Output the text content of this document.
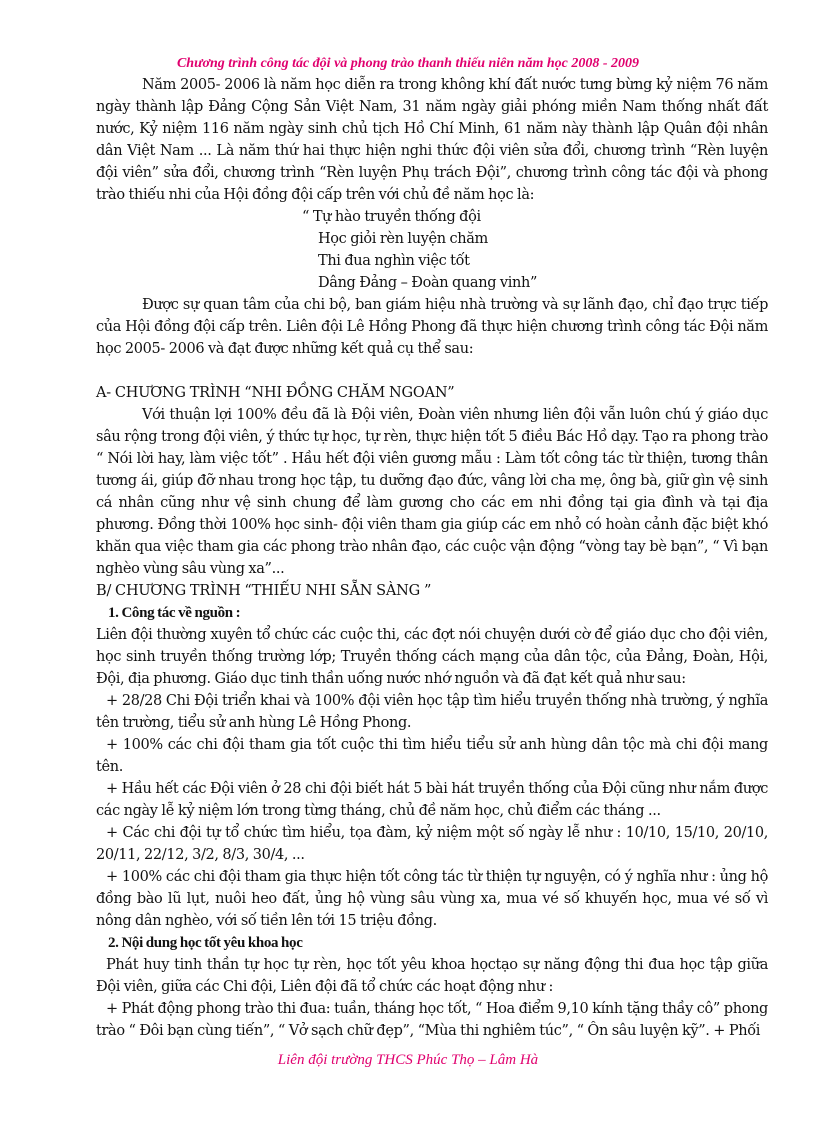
Chương trình công tác đội và phong trào thanh thiếu niên năm học 2008 - 2009

Năm 2005- 2006 là năm học diễn ra trong không khí đất nước tưng bừng kỷ niệm 76 năm ngày thành lập Đảng Cộng Sản Việt Nam, 31 năm ngày giải phóng miền Nam thống nhất đất nước, Kỷ niệm 116 năm ngày sinh chủ tịch Hồ Chí Minh, 61 năm này thành lập Quân đội nhân dân Việt Nam ... Là năm thứ hai thực hiện nghi thức đội viên sửa đổi, chương trình “Rèn luyện đội viên” sửa đổi, chương trình “Rèn luyện Phụ trách Đội”, chương trình công tác đội và phong trào thiếu nhi của Hội đồng đội cấp trên với chủ đề năm học là:

“ Tự hào truyền thống đội
Học giỏi rèn luyện chăm
Thi đua nghìn việc tốt
Dâng Đảng – Đoàn quang vinh”

Được sự quan tâm của chi bộ, ban giám hiệu nhà trường và sự lãnh đạo, chỉ đạo trực tiếp của Hội đồng đội cấp trên. Liên đội Lê Hồng Phong đã thực hiện chương trình công tác Đội năm học 2005- 2006 và đạt được những kết quả cụ thể sau:

A- CHƯƠNG TRÌNH “NHI ĐỒNG CHĂM NGOAN”

Với thuận lợi 100% đều đã là Đội viên, Đoàn viên nhưng liên đội vẫn luôn chú ý giáo dục sâu rộng trong đội viên, ý thức tự học, tự rèn, thực hiện tốt 5 điều Bác Hồ dạy. Tạo ra phong trào “ Nói lời hay, làm việc tốt” . Hầu hết đội viên gương mẫu : Làm tốt công tác từ thiện, tương thân tương ái, giúp đỡ nhau trong học tập, tu dưỡng đạo đức, vâng lời cha mẹ, ông bà, giữ gìn vệ sinh cá nhân cũng như vệ sinh chung để làm gương cho các em nhi đồng tại gia đình và tại địa phương. Đồng thời 100% học sinh- đội viên tham gia giúp các em nhỏ có hoàn cảnh đặc biệt khó khăn qua việc tham gia các phong trào nhân đạo, các cuộc vận động “vòng tay bè bạn”, “ Vì bạn nghèo vùng sâu vùng xa”...

B/ CHƯƠNG TRÌNH “THIẾU NHI SẴN SÀNG ”
1. Công tác về nguồn :

Liên đội thường xuyên tổ chức các cuộc thi, các đợt nói chuyện dưới cờ để giáo dục cho đội viên, học sinh truyền thống trường lớp; Truyền thống cách mạng của dân tộc, của Đảng, Đoàn, Hội, Đội, địa phương. Giáo dục tinh thần uống nước nhớ nguồn và đã đạt kết quả như sau:

+ 28/28 Chi Đội triển khai và 100% đội viên học tập tìm hiểu truyền thống nhà trường, ý nghĩa tên trường, tiểu sử anh hùng Lê Hồng Phong.

+ 100% các chi đội tham gia tốt cuộc thi tìm hiểu tiểu sử anh hùng dân tộc mà chi đội mang tên.

+ Hầu hết các Đội viên ở 28 chi đội biết hát 5 bài hát truyền thống của Đội cũng như nắm được các ngày lễ kỷ niệm lớn trong từng tháng, chủ đề năm học, chủ điểm các tháng ...

+ Các chi đội tự tổ chức tìm hiểu, tọa đàm, kỷ niệm một số ngày lễ như : 10/10, 15/10, 20/10, 20/11, 22/12, 3/2, 8/3, 30/4, ...

+ 100% các chi đội tham gia thực hiện tốt công tác từ thiện tự nguyện, có ý nghĩa như : ủng hộ đồng bào lũ lụt, nuôi heo đất, ủng hộ vùng sâu vùng xa, mua vé số khuyến học, mua vé số vì nông dân nghèo, với số tiền lên tới 15 triệu đồng.

2. Nội dung học tốt yêu khoa học

Phát huy tinh thần tự học tự rèn, học tốt yêu khoa họctạo sự năng động thi đua học tập giữa Đội viên, giữa các Chi đội, Liên đội đã tổ chức các hoạt động như :

+ Phát động phong trào thi đua: tuần, tháng học tốt, “ Hoa điểm 9,10 kính tặng thầy cô” phong trào “ Đôi bạn cùng tiến”, “ Vở sạch chữ đẹp”, “Mùa thi nghiêm túc”, “ Ôn sâu luyện kỹ”. + Phối

Liên đội trường THCS Phúc Thọ – Lâm Hà
